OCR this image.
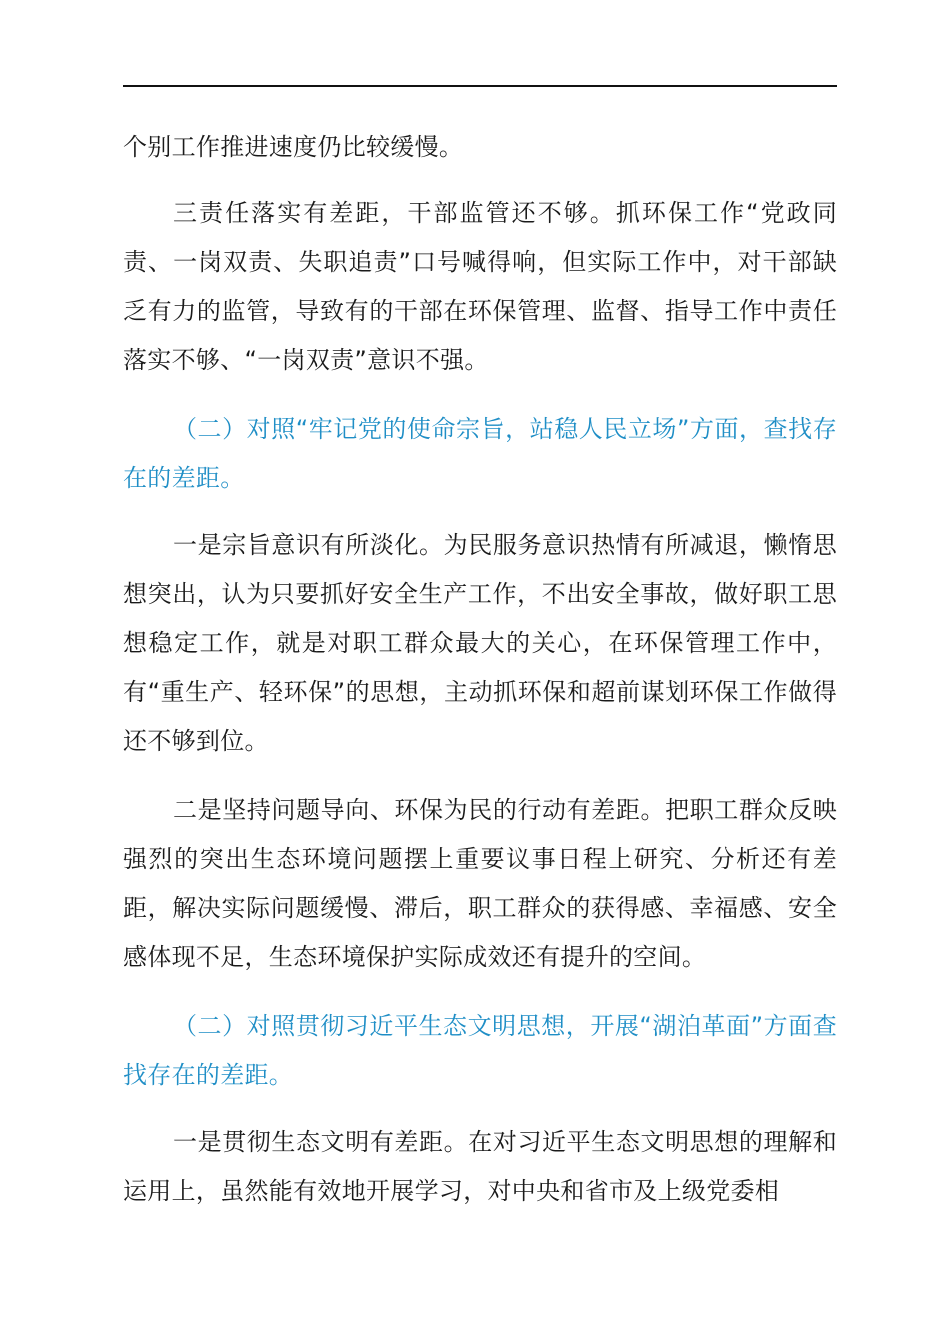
个别工作推进速度仍比较缓慢。

三责任落实有差距，干部监管还不够。抓环保工作“党政同责、一岗双责、失职追责”口号喊得响，但实际工作中，对干部缺乏有力的监管，导致有的干部在环保管理、监督、指导工作中责任落实不够、“一岗双责”意识不强。

（二）对照“牢记党的使命宗旨，站稳人民立场”方面，查找存在的差距。

一是宗旨意识有所淡化。为民服务意识热情有所减退，懒惰思想突出，认为只要抓好安全生产工作，不出安全事故，做好职工思想稳定工作，就是对职工群众最大的关心，在环保管理工作中，有“重生产、轻环保”的思想，主动抓环保和超前谋划环保工作做得还不够到位。

二是坚持问题导向、环保为民的行动有差距。把职工群众反映强烈的突出生态环境问题摆上重要议事日程上研究、分析还有差距，解决实际问题缓慢、滞后，职工群众的获得感、幸福感、安全感体现不足，生态环境保护实际成效还有提升的空间。

（二）对照贯彻习近平生态文明思想，开展“湖泊革面”方面查找存在的差距。

一是贯彻生态文明有差距。在对习近平生态文明思想的理解和运用上，虽然能有效地开展学习，对中央和省市及上级党委相
